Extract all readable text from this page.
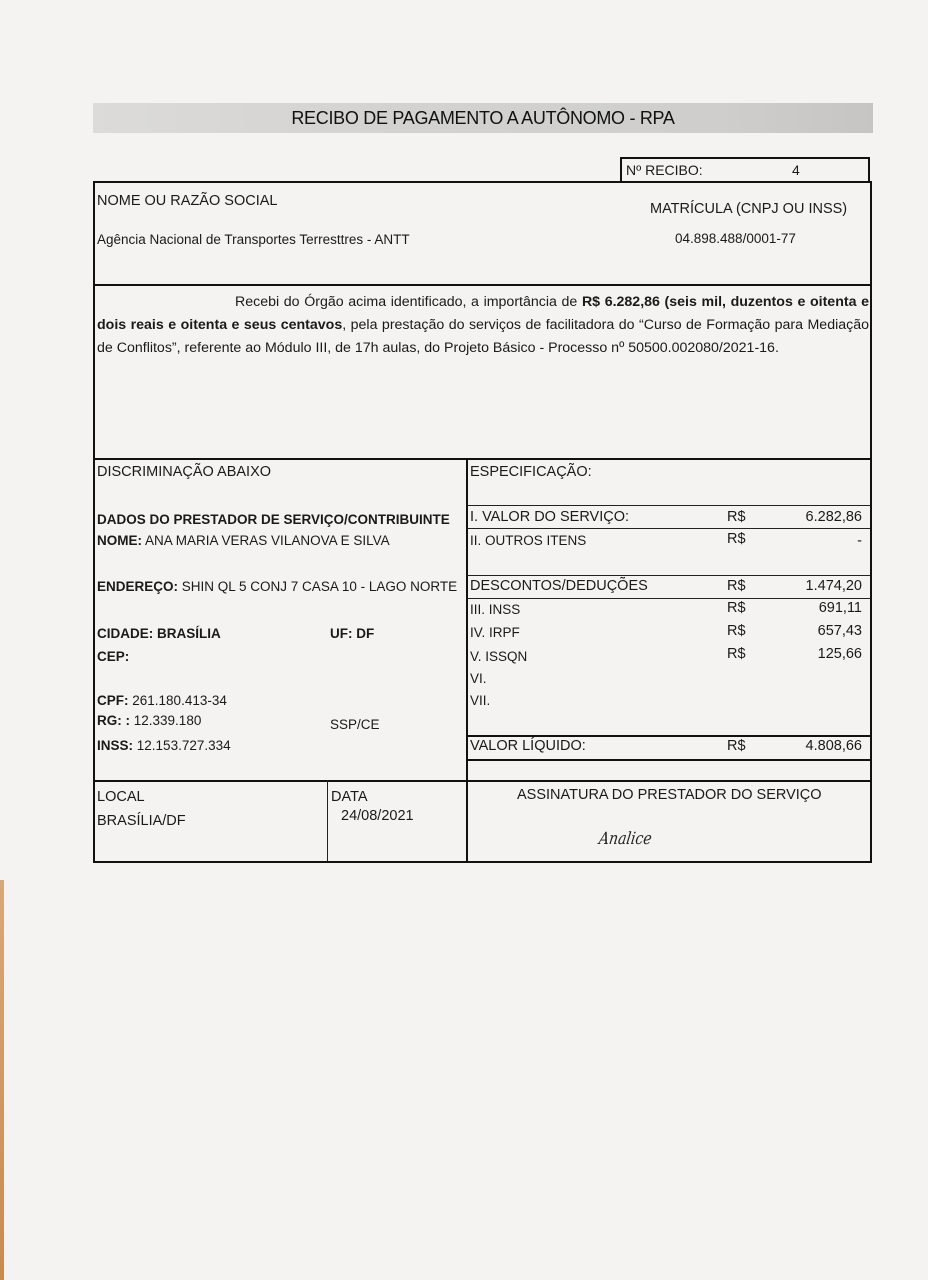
RECIBO DE PAGAMENTO A AUTÔNOMO - RPA
Nº RECIBO:	4
NOME OU RAZÃO SOCIAL
Agência Nacional de Transportes Terresttres - ANTT
MATRÍCULA (CNPJ OU INSS)
04.898.488/0001-77
Recebi do Órgão acima identificado, a importância de R$ 6.282,86 (seis mil, duzentos e oitenta e dois reais e oitenta e seus centavos, pela prestação do serviços de facilitadora do “Curso de Formação para Mediação de Conflitos”, referente ao Módulo III, de 17h aulas, do Projeto Básico - Processo nº 50500.002080/2021-16.
DISCRIMINAÇÃO ABAIXO
DADOS DO PRESTADOR DE SERVIÇO/CONTRIBUINTE
NOME: ANA MARIA VERAS VILANOVA E SILVA
ENDEREÇO: SHIN QL 5 CONJ 7 CASA 10 - LAGO NORTE
CIDADE: BRASÍLIA	UF: DF
CEP:
CPF: 261.180.413-34
RG: : 12.339.180	SSP/CE
INSS: 12.153.727.334
ESPECIFICAÇÃO:
I. VALOR DO SERVIÇO:	R$	6.282,86
II. OUTROS ITENS	R$	-
DESCONTOS/DEDUÇÕES	R$	1.474,20
III. INSS	R$	691,11
IV. IRPF	R$	657,43
V. ISSQN	R$	125,66
VI.
VII.
VALOR LÍQUIDO:	R$	4.808,66
LOCAL
BRASÍLIA/DF
DATA
24/08/2021
ASSINATURA DO PRESTADOR DO SERVIÇO
Analice
